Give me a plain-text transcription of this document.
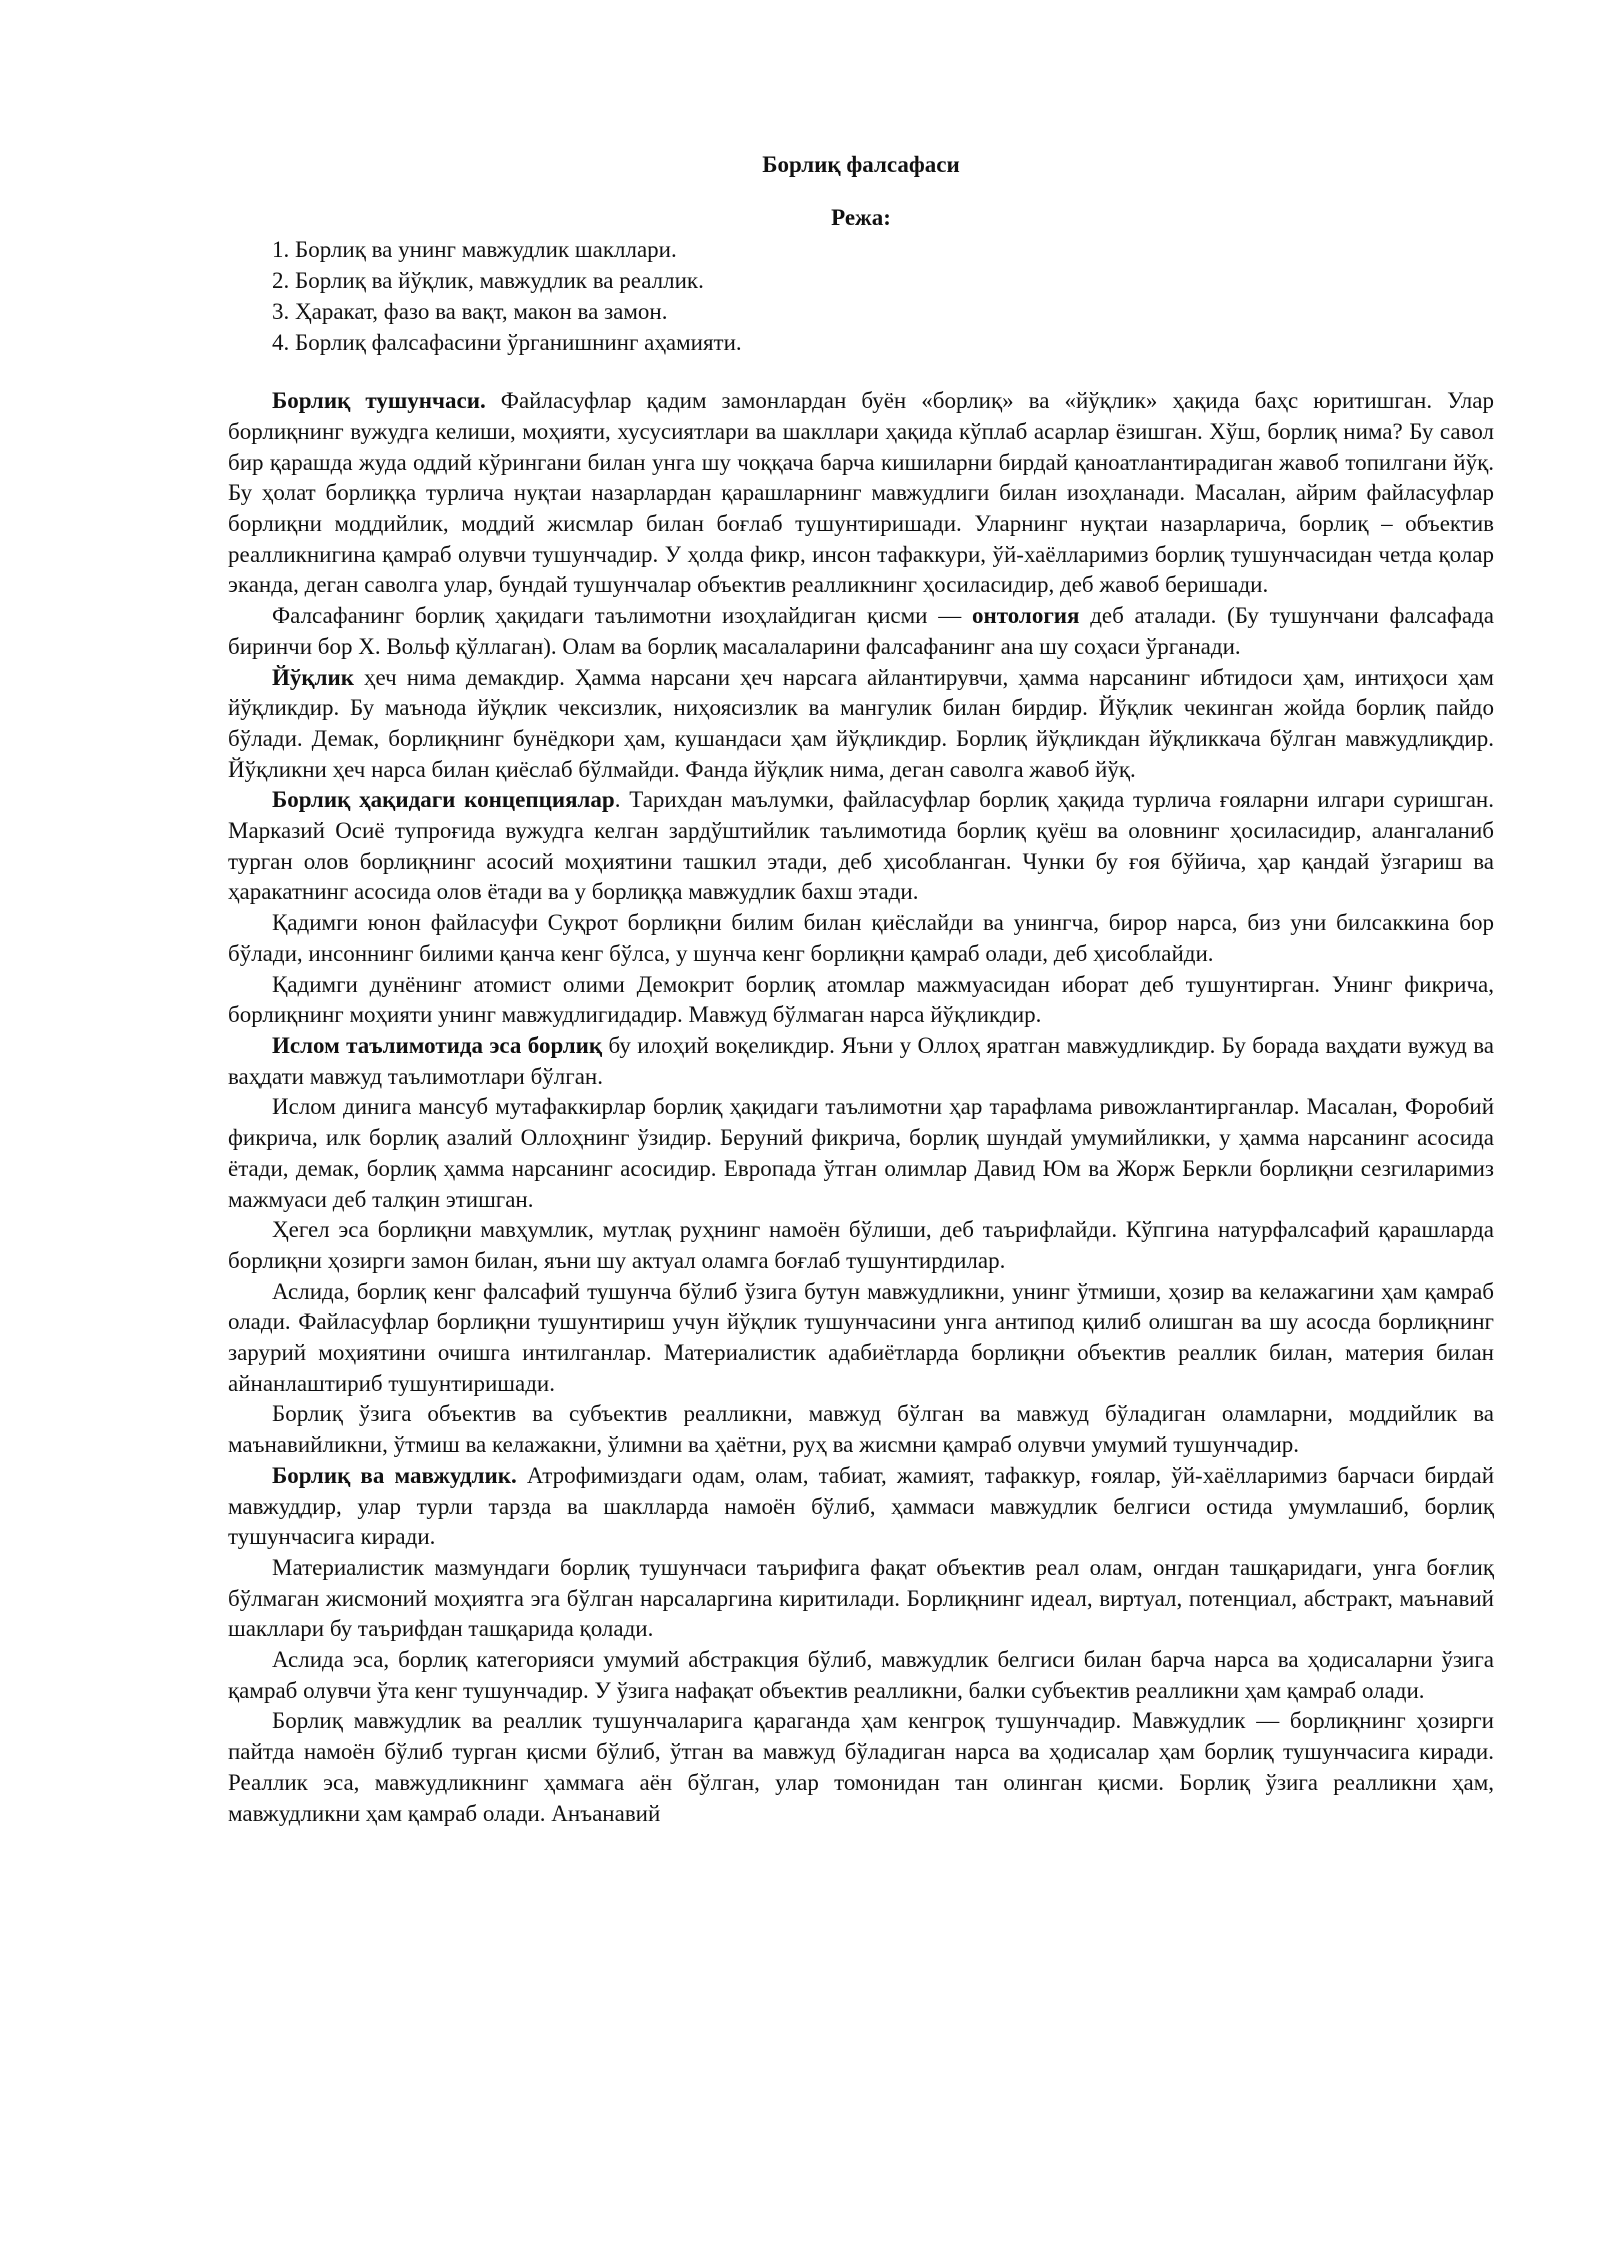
Борлиқ фалсафаси

Режа:

1. Борлиқ ва унинг мавжудлик шакллари.
2. Борлиқ ва йўқлик, мавжудлик ва реаллик.
3. Ҳаракат, фазо ва вақт, макон ва замон.
4. Борлиқ фалсафасини ўрганишнинг аҳамияти.

Борлиқ тушунчаси. Файласуфлар қадим замонлардан буён «борлиқ» ва «йўқлик» ҳақида баҳс юритишган. Улар борлиқнинг вужудга келиши, моҳияти, хусусиятлари ва шакллари ҳақида кўплаб асарлар ёзишган. Хўш, борлиқ нима? Бу савол бир қарашда жуда оддий кўрингани билан унга шу чоққача барча кишиларни бирдай қаноатлантирадиган жавоб топилгани йўқ. Бу ҳолат борлиққа турлича нуқтаи назарлардан қарашларнинг мавжудлиги билан изоҳланади. Масалан, айрим файласуфлар борлиқни моддийлик, моддий жисмлар билан боғлаб тушунтиришади. Уларнинг нуқтаи назарларича, борлиқ – объектив реалликнигина қамраб олувчи тушунчадир. У ҳолда фикр, инсон тафаккури, ўй-хаёлларимиз борлиқ тушунчасидан четда қолар эканда, деган саволга улар, бундай тушунчалар объектив реалликнинг ҳосиласидир, деб жавоб беришади.

Фалсафанинг борлиқ ҳақидаги таълимотни изоҳлайдиган қисми — онтология деб аталади. (Бу тушунчани фалсафада биринчи бор Х. Вольф қўллаган). Олам ва борлиқ масалаларини фалсафанинг ана шу соҳаси ўрганади.

Йўқлик ҳеч нима демакдир. Ҳамма нарсани ҳеч нарсага айлантирувчи, ҳамма нарсанинг ибтидоси ҳам, интиҳоси ҳам йўқликдир. Бу маънода йўқлик чексизлик, ниҳоясизлик ва мангулик билан бирдир. Йўқлик чекинган жойда борлиқ пайдо бўлади. Демак, борлиқнинг бунёдкори ҳам, кушандаси ҳам йўқликдир. Борлиқ йўқликдан йўқликкача бўлган мавжудлиқдир. Йўқликни ҳеч нарса билан қиёслаб бўлмайди. Фанда йўқлик нима, деган саволга жавоб йўқ.

Борлиқ ҳақидаги концепциялар. Тарихдан маълумки, файласуфлар борлиқ ҳақида турлича ғояларни илгари суришган. Марказий Осиё тупроғида вужудга келган зардўштийлик таълимотида борлиқ қуёш ва оловнинг ҳосиласидир, алангаланиб турган олов борлиқнинг асосий моҳиятини ташкил этади, деб ҳисобланган. Чунки бу ғоя бўйича, ҳар қандай ўзгариш ва ҳаракатнинг асосида олов ётади ва у борлиққа мавжудлик бахш этади.

Қадимги юнон файласуфи Суқрот борлиқни билим билан қиёслайди ва унингча, бирор нарса, биз уни билсаккина бор бўлади, инсоннинг билими қанча кенг бўлса, у шунча кенг борлиқни қамраб олади, деб ҳисоблайди.

Қадимги дунёнинг атомист олими Демокрит борлиқ атомлар мажмуасидан иборат деб тушунтирган. Унинг фикрича, борлиқнинг моҳияти унинг мавжудлигидадир. Мавжуд бўлмаган нарса йўқликдир.

Ислом таълимотида эса борлиқ бу илоҳий воқеликдир. Яъни у Оллоҳ яратган мавжудликдир. Бу борада ваҳдати вужуд ва ваҳдати мавжуд таълимотлари бўлган.

Ислом динига мансуб мутафаккирлар борлиқ ҳақидаги таълимотни ҳар тарафлама ривожлантирганлар. Масалан, Форобий фикрича, илк борлиқ азалий Оллоҳнинг ўзидир. Беруний фикрича, борлиқ шундай умумийликки, у ҳамма нарсанинг асосида ётади, демак, борлиқ ҳамма нарсанинг асосидир. Европада ўтган олимлар Давид Юм ва Жорж Беркли борлиқни сезгиларимиз мажмуаси деб талқин этишган.

Ҳегел эса борлиқни мавҳумлик, мутлақ руҳнинг намоён бўлиши, деб таърифлайди. Кўпгина натурфалсафий қарашларда борлиқни ҳозирги замон билан, яъни шу актуал оламга боғлаб тушунтирдилар.

Аслида, борлиқ кенг фалсафий тушунча бўлиб ўзига бутун мавжудликни, унинг ўтмиши, ҳозир ва келажагини ҳам қамраб олади. Файласуфлар борлиқни тушунтириш учун йўқлик тушунчасини унга антипод қилиб олишган ва шу асосда борлиқнинг зарурий моҳиятини очишга интилганлар. Материалистик адабиётларда борлиқни объектив реаллик билан, материя билан айнанлаштириб тушунтиришади.

Борлиқ ўзига объектив ва субъектив реалликни, мавжуд бўлган ва мавжуд бўладиган оламларни, моддийлик ва маънавийликни, ўтмиш ва келажакни, ўлимни ва ҳаётни, руҳ ва жисмни қамраб олувчи умумий тушунчадир.

Борлиқ ва мавжудлик. Атрофимиздаги одам, олам, табиат, жамият, тафаккур, ғоялар, ўй-хаёлларимиз барчаси бирдай мавжуддир, улар турли тарзда ва шаклларда намоён бўлиб, ҳаммаси мавжудлик белгиси остида умумлашиб, борлиқ тушунчасига киради.

Материалистик мазмундаги борлиқ тушунчаси таърифига фақат объектив реал олам, онгдан ташқаридаги, унга боғлиқ бўлмаган жисмоний моҳиятга эга бўлган нарсаларгина киритилади. Борлиқнинг идеал, виртуал, потенциал, абстракт, маънавий шакллари бу таърифдан ташқарида қолади.

Аслида эса, борлиқ категорияси умумий абстракция бўлиб, мавжудлик белгиси билан барча нарса ва ҳодисаларни ўзига қамраб олувчи ўта кенг тушунчадир. У ўзига нафақат объектив реалликни, балки субъектив реалликни ҳам қамраб олади.

Борлиқ мавжудлик ва реаллик тушунчаларига қараганда ҳам кенгроқ тушунчадир. Мавжудлик — борлиқнинг ҳозирги пайтда намоён бўлиб турган қисми бўлиб, ўтган ва мавжуд бўладиган нарса ва ҳодисалар ҳам борлиқ тушунчасига киради. Реаллик эса, мавжудликнинг ҳаммага аён бўлган, улар томонидан тан олинган қисми. Борлиқ ўзига реалликни ҳам, мавжудликни ҳам қамраб олади. Анъанавий
